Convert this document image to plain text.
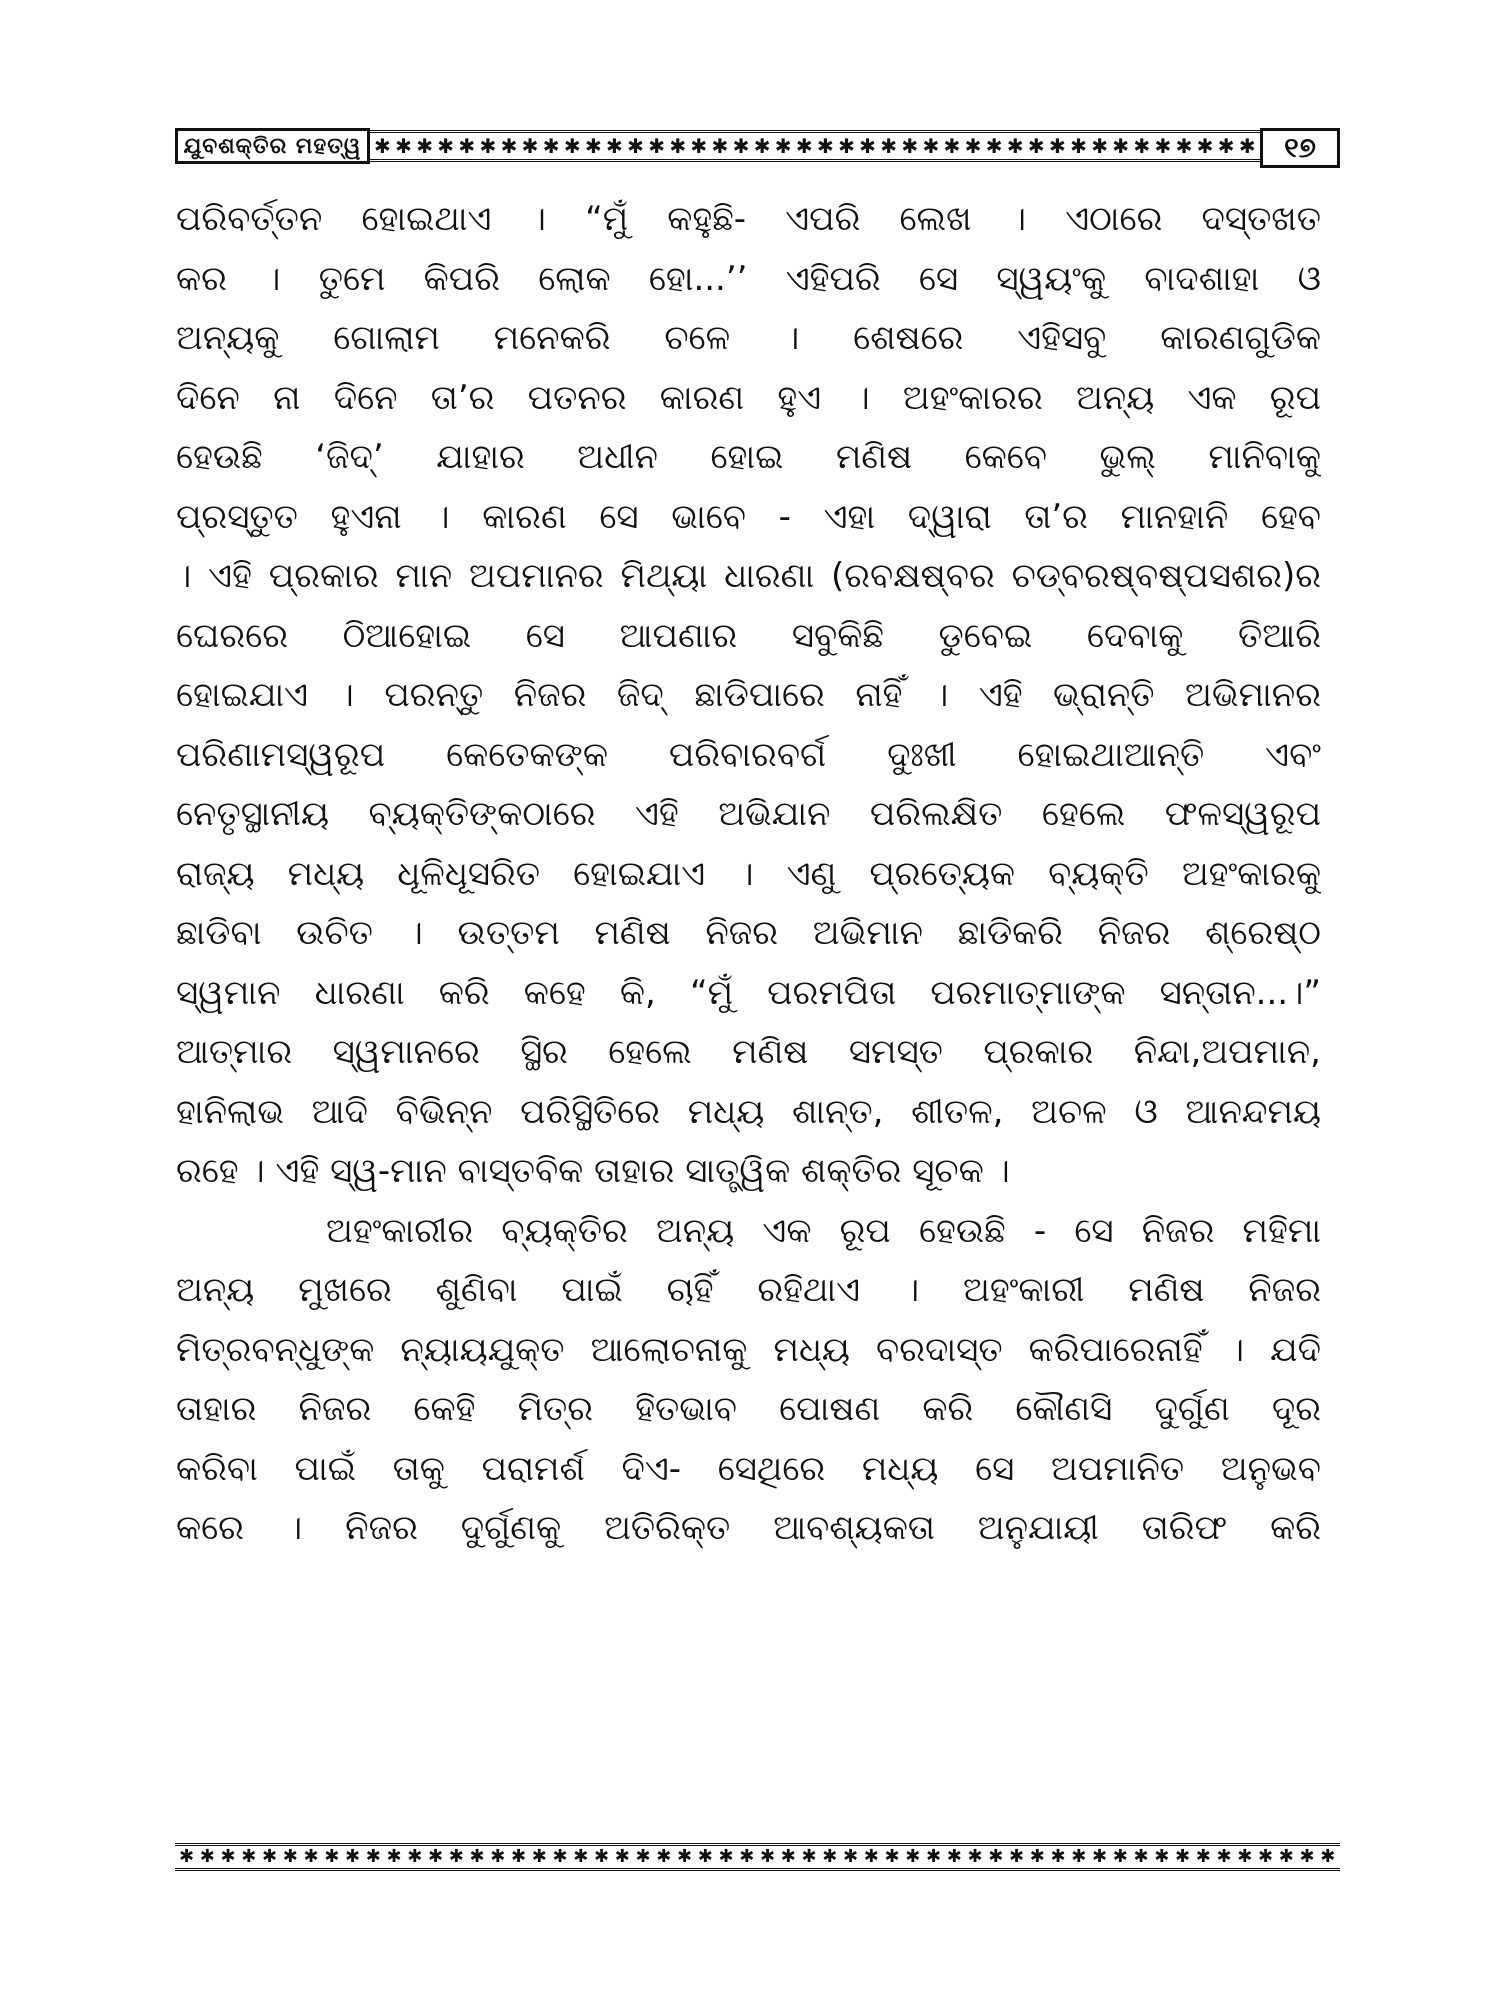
ଯୁବଶକ୍ତିର ମହତ୍ୱ ✱ ✱ ✱ ✱ ✱ ✱ ✱ ✱ ✱ ✱ ✱ ✱ ✱ ✱ ✱ ✱ ✱ ✱ ✱ ✱ ✱ ✱ ✱ ✱ ✱ ✱ ✱ ✱ ✱ ✱ ✱ ✱ ✱ ✱ ✱ ✱ ✱ ✱ ✱ ✱ ✱ ✱	୧୭
ପରିବର୍ତ୍ତନ ହୋଇଥାଏ । “ମୁଁ କହୁଛି- ଏପରି ଲେଖ । ଏଠାରେ ଦସ୍ତଖତ
କର । ତୁମେ କିପରି ଲୋକ ହୋ...’’ ଏହିପରି ସେ ସ୍ୱୟଂକୁ ବାଦଶାହା ଓ
ଅନ୍ୟକୁ ଗୋଲାମ ମନେକରି ଚଳେ । ଶେଷରେ ଏହିସବୁ କାରଣଗୁଡିକ
ଦିନେ ନା ଦିନେ ତା’ର ପତନର କାରଣ ହୁଏ । ଅହଂକାରର ଅନ୍ୟ ଏକ ରୂପ
ହେଉଛି ‘ଜିଦ୍’ ଯାହାର ଅଧୀନ ହୋଇ ମଣିଷ କେବେ ଭୁଲ୍ ମାନିବାକୁ
ପ୍ରସ୍ତୁତ ହୁଏନା । କାରଣ ସେ ଭାବେ - ଏହା ଦ୍ୱାରା ତା’ର ମାନହାନି ହେବ
। ଏହି ପ୍ରକାର ମାନ ଅପମାନର ମିଥ୍ୟା ଧାରଣା (ରବକ୍ଷଷ୍ବର ଚଡ୍ବରଷ୍ବଷ୍ପସଶର)ର
ଘେରରେ ଠିଆହୋଇ ସେ ଆପଣାର ସବୁକିଛି ଡୁବେଇ ଦେବାକୁ ତିଆରି
ହୋଇଯାଏ । ପରନ୍ତୁ ନିଜର ଜିଦ୍ ଛାଡିପାରେ ନାହିଁ । ଏହି ଭ୍ରାନ୍ତି ଅଭିମାନର
ପରିଣାମସ୍ୱରୂପ କେତେକଙ୍କ ପରିବାରବର୍ଗ ଦୁଃଖୀ ହୋଇଥାଆନ୍ତି ଏବଂ
ନେତୃସ୍ଥାନୀୟ ବ୍ୟକ୍ତିଙ୍କଠାରେ ଏହି ଅଭିଯାନ ପରିଲକ୍ଷିତ ହେଲେ ଫଳସ୍ୱରୂପ
ରାଜ୍ୟ ମଧ୍ୟ ଧୂଳିଧୂସରିତ ହୋଇଯାଏ । ଏଣୁ ପ୍ରତ୍ୟେକ ବ୍ୟକ୍ତି ଅହଂକାରକୁ
ଛାଡିବା ଉଚିତ । ଉତ୍ତମ ମଣିଷ ନିଜର ଅଭିମାନ ଛାଡିକରି ନିଜର ଶ୍ରେଷ୍ଠ
ସ୍ୱମାନ ଧାରଣା କରି କହେ କି, “ମୁଁ ପରମପିତା ପରମାତ୍ମାଙ୍କ ସନ୍ତାନ...।”
ଆତ୍ମାର ସ୍ୱମାନରେ ସ୍ଥିର ହେଲେ ମଣିଷ ସମସ୍ତ ପ୍ରକାର ନିନ୍ଦା,ଅପମାନ,
ହାନିଲାଭ ଆଦି ବିଭିନ୍ନ ପରିସ୍ଥିତିରେ ମଧ୍ୟ ଶାନ୍ତ, ଶୀତଳ, ଅଚଳ ଓ ଆନନ୍ଦମୟ
ରହେ । ଏହି ସ୍ୱ-ମାନ ବାସ୍ତବିକ ତାହାର ସାତ୍ତ୍ୱିକ ଶକ୍ତିର ସୂଚକ ।
ଅହଂକାରୀର ବ୍ୟକ୍ତିର ଅନ୍ୟ ଏକ ରୂପ ହେଉଛି - ସେ ନିଜର ମହିମା
ଅନ୍ୟ ମୁଖରେ ଶୁଣିବା ପାଇଁ ଚାହିଁ ରହିଥାଏ । ଅହଂକାରୀ ମଣିଷ ନିଜର
ମିତ୍ରବନ୍ଧୁଙ୍କ ନ୍ୟାୟଯୁକ୍ତ ଆଲୋଚନାକୁ ମଧ୍ୟ ବରଦାସ୍ତ କରିପାରେନାହିଁ । ଯଦି
ତାହାର ନିଜର କେହି ମିତ୍ର ହିତଭାବ ପୋଷଣ କରି କୌଣସି ଦୁର୍ଗୁଣ ଦୂର
କରିବା ପାଇଁ ତାକୁ ପରାମର୍ଶ ଦିଏ- ସେଥିରେ ମଧ୍ୟ ସେ ଅପମାନିତ ଅନୁଭବ
କରେ । ନିଜର ଦୁର୍ଗୁଣକୁ ଅତିରିକ୍ତ ଆବଶ୍ୟକତା ଅନୁଯାୟୀ ତାରିଫ କରି
✱ ✱ ✱ ✱ ✱ ✱ ✱ ✱ ✱ ✱ ✱ ✱ ✱ ✱ ✱ ✱ ✱ ✱ ✱ ✱ ✱ ✱ ✱ ✱ ✱ ✱ ✱ ✱ ✱ ✱ ✱ ✱ ✱ ✱ ✱ ✱ ✱ ✱ ✱ ✱ ✱ ✱ ✱ ✱ ✱ ✱ ✱ ✱ ✱ ✱ ✱ ✱ ✱ ✱ ✱ ✱
